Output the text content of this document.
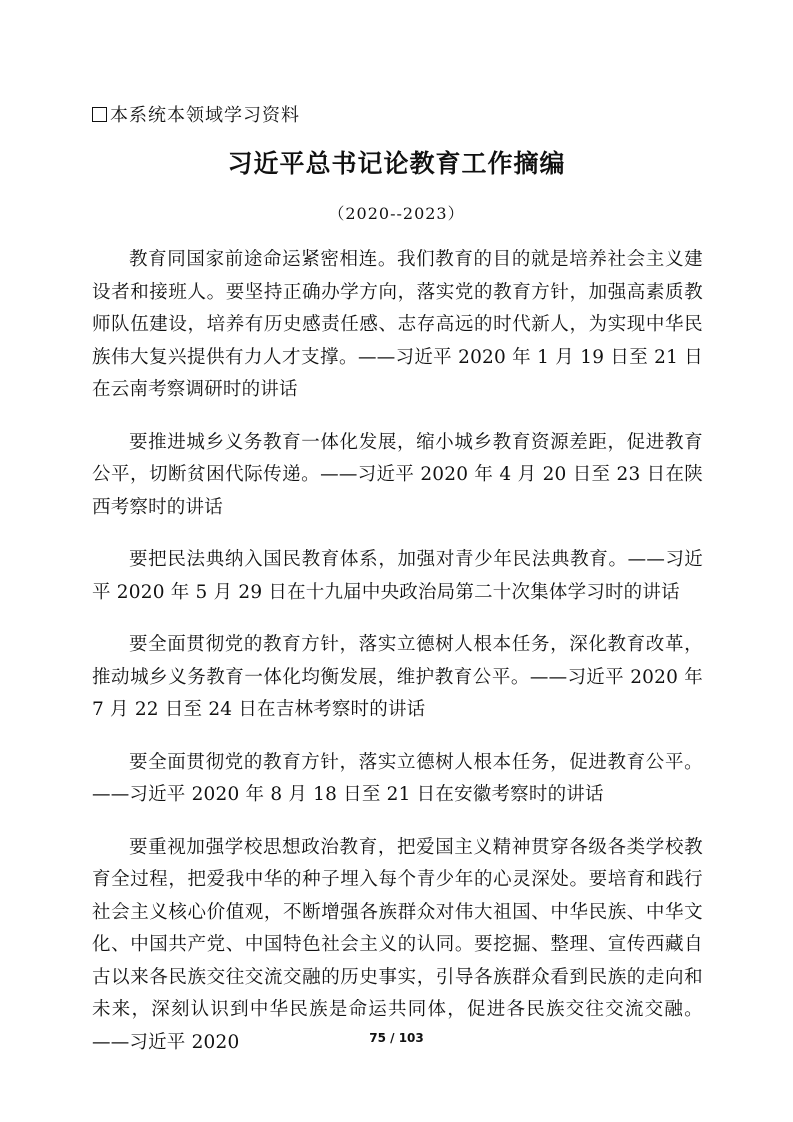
本系统本领域学习资料
习近平总书记论教育工作摘编
（2020--2023）

教育同国家前途命运紧密相连。我们教育的目的就是培养社会主义建设者和接班人。要坚持正确办学方向，落实党的教育方针，加强高素质教师队伍建设，培养有历史感责任感、志存高远的时代新人，为实现中华民族伟大复兴提供有力人才支撑。——习近平 2020 年 1 月 19 日至 21 日在云南考察调研时的讲话

要推进城乡义务教育一体化发展，缩小城乡教育资源差距，促进教育公平，切断贫困代际传递。——习近平 2020 年 4 月 20 日至 23 日在陕西考察时的讲话

要把民法典纳入国民教育体系，加强对青少年民法典教育。——习近平 2020 年 5 月 29 日在十九届中央政治局第二十次集体学习时的讲话

要全面贯彻党的教育方针，落实立德树人根本任务，深化教育改革，推动城乡义务教育一体化均衡发展，维护教育公平。——习近平 2020 年 7 月 22 日至 24 日在吉林考察时的讲话

要全面贯彻党的教育方针，落实立德树人根本任务，促进教育公平。——习近平 2020 年 8 月 18 日至 21 日在安徽考察时的讲话

要重视加强学校思想政治教育，把爱国主义精神贯穿各级各类学校教育全过程，把爱我中华的种子埋入每个青少年的心灵深处。要培育和践行社会主义核心价值观，不断增强各族群众对伟大祖国、中华民族、中华文化、中国共产党、中国特色社会主义的认同。要挖掘、整理、宣传西藏自古以来各民族交往交流交融的历史事实，引导各族群众看到民族的走向和未来，深刻认识到中华民族是命运共同体，促进各民族交往交流交融。——习近平 2020	75 / 103
